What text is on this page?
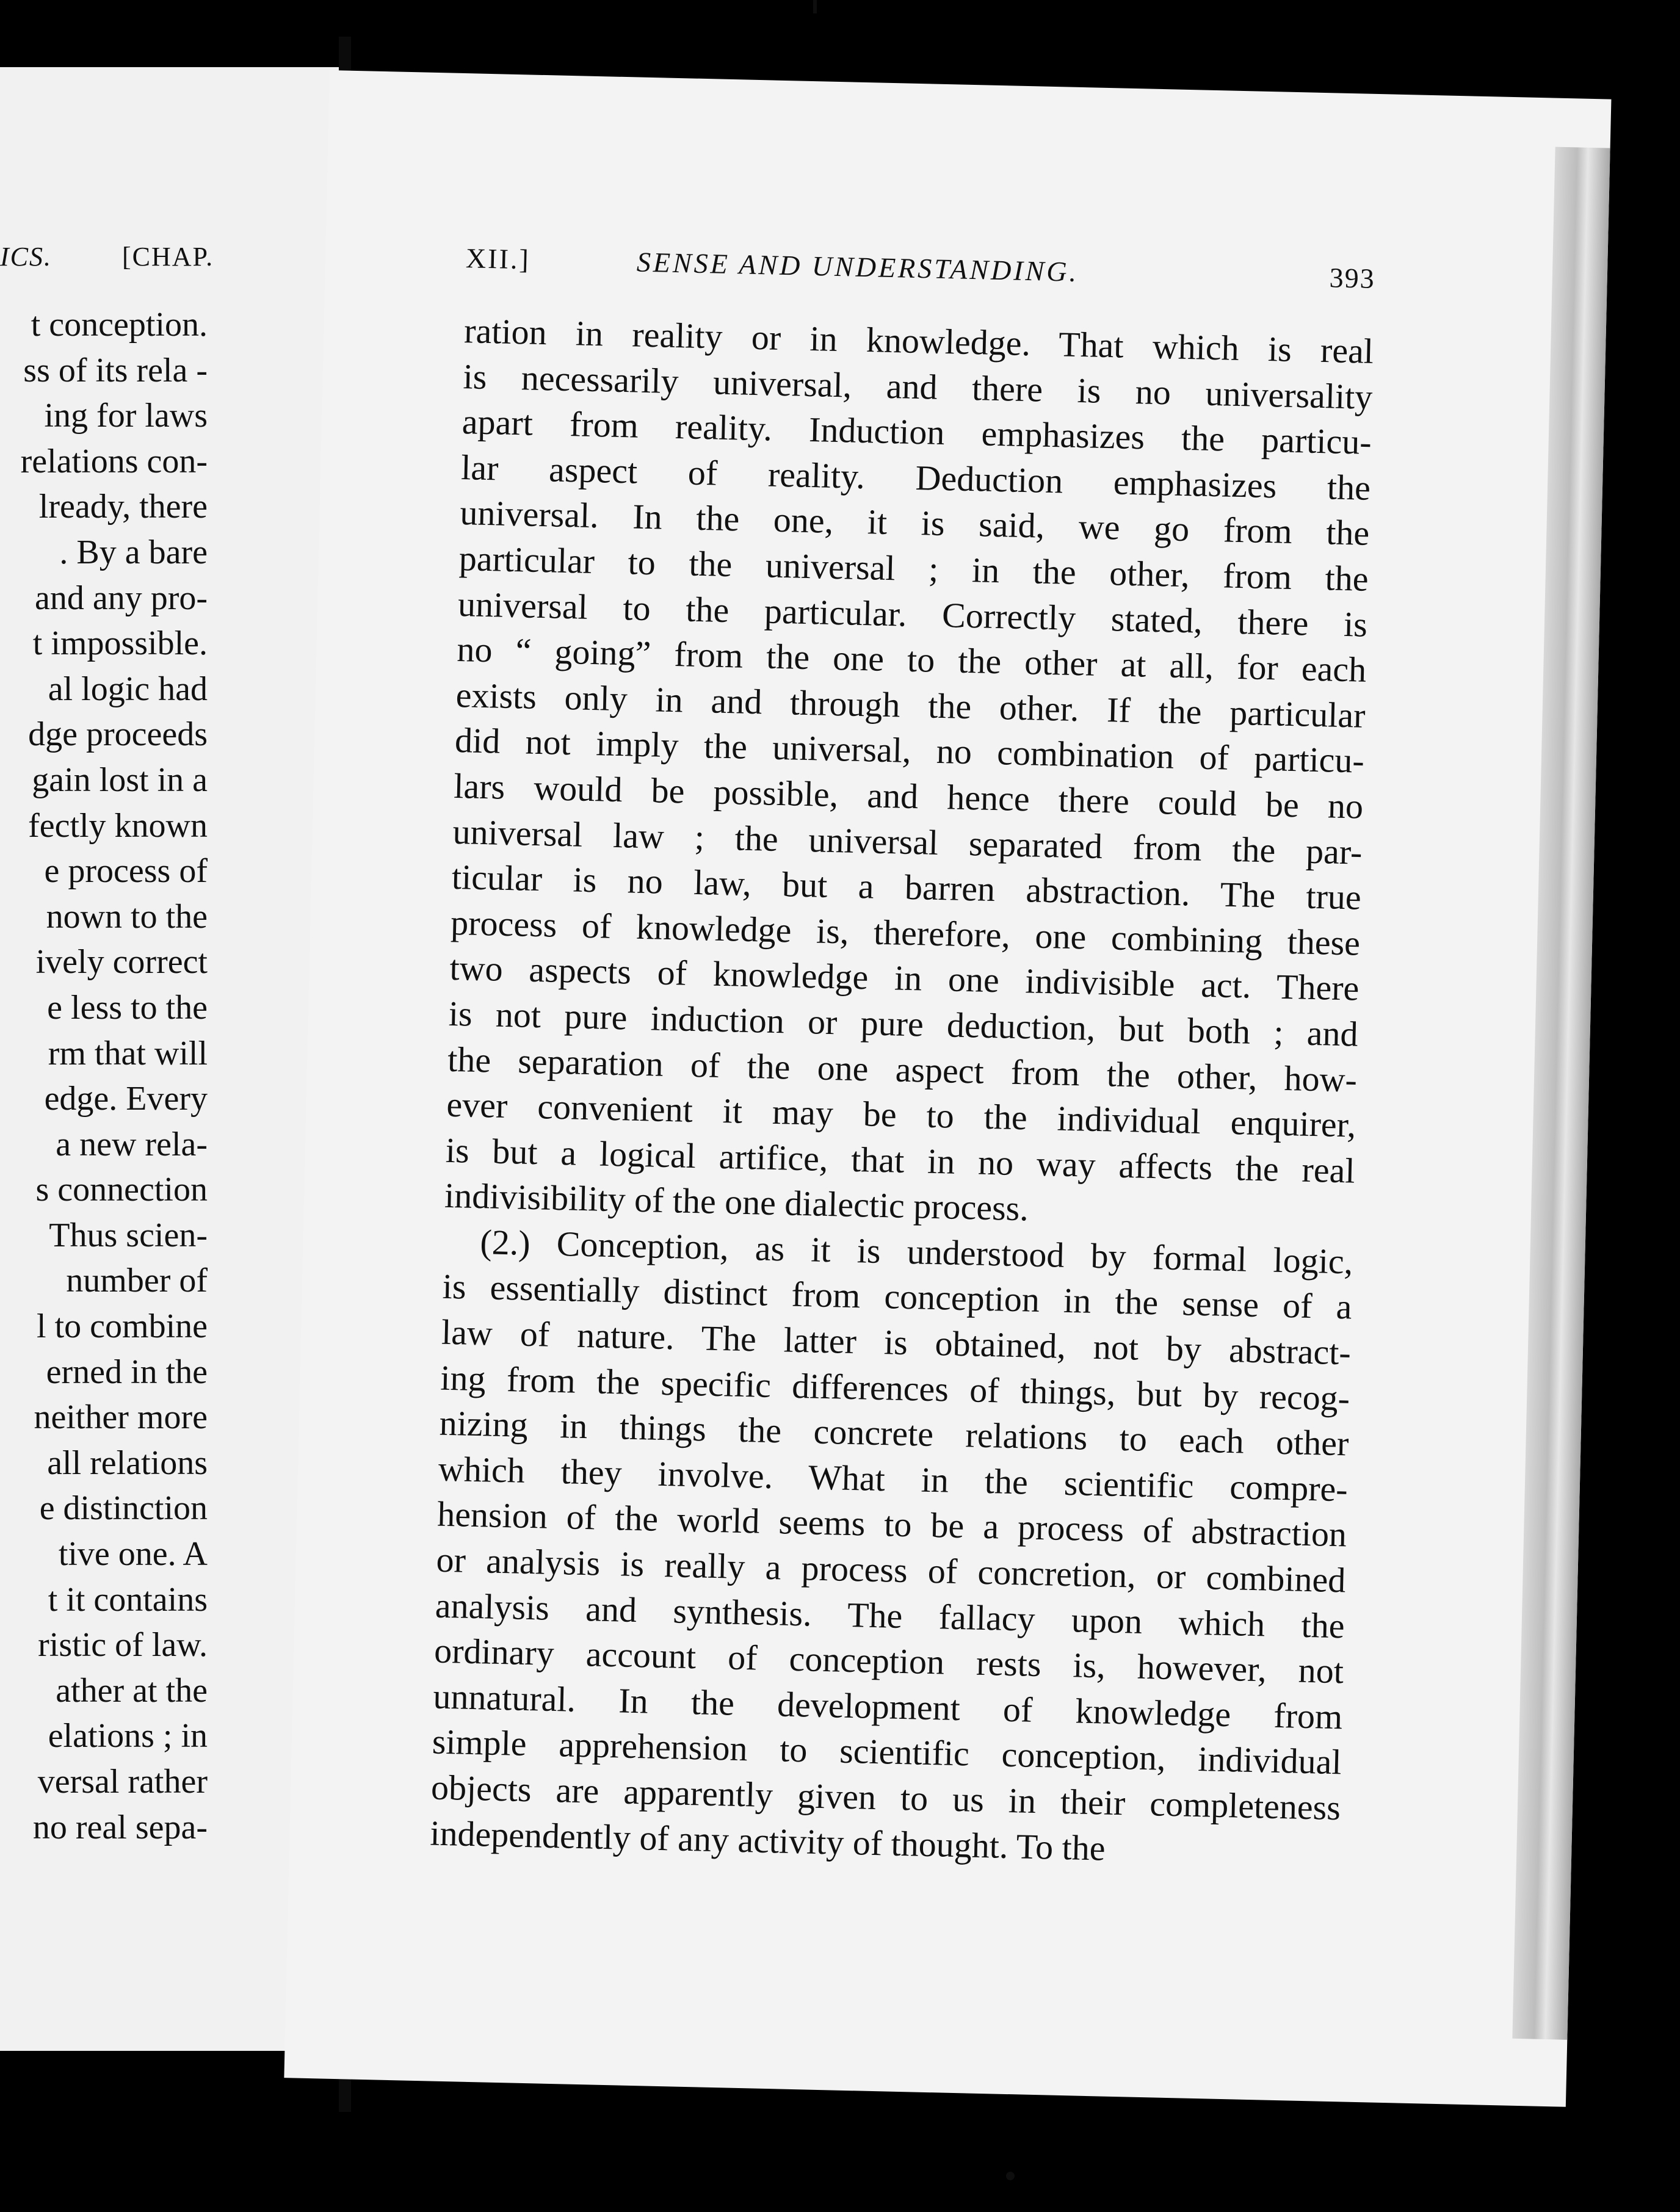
ICS.	[CHAP.
t conception.
ss of its rela -
ing for laws
relations con-
lready, there
. By a bare
and any pro-
t impossible.
al logic had
dge proceeds
gain lost in a
fectly known
e process of
nown to the
ively correct
e less to the
rm that will
edge. Every
a new rela-
s connection
Thus scien-
number of
l to combine
erned in the
neither more
all relations
e distinction
tive one. A
t it contains
ristic of law.
ather at the
elations ; in
versal rather
no real sepa-
XII.]	SENSE AND UNDERSTANDING.	393
ration in reality or in knowledge. That which is real
is necessarily universal, and there is no universality
apart from reality. Induction emphasizes the particu-
lar aspect of reality. Deduction emphasizes the
universal. In the one, it is said, we go from the
particular to the universal ; in the other, from the
universal to the particular. Correctly stated, there is
no “ going” from the one to the other at all, for each
exists only in and through the other. If the particular
did not imply the universal, no combination of particu-
lars would be possible, and hence there could be no
universal law ; the universal separated from the par-
ticular is no law, but a barren abstraction. The true
process of knowledge is, therefore, one combining these
two aspects of knowledge in one indivisible act. There
is not pure induction or pure deduction, but both ; and
the separation of the one aspect from the other, how-
ever convenient it may be to the individual enquirer,
is but a logical artifice, that in no way affects the real
indivisibility of the one dialectic process.
(2.) Conception, as it is understood by formal logic,
is essentially distinct from conception in the sense of a
law of nature. The latter is obtained, not by abstract-
ing from the specific differences of things, but by recog-
nizing in things the concrete relations to each other
which they involve. What in the scientific compre-
hension of the world seems to be a process of abstraction
or analysis is really a process of concretion, or combined
analysis and synthesis. The fallacy upon which the
ordinary account of conception rests is, however, not
unnatural. In the development of knowledge from
simple apprehension to scientific conception, individual
objects are apparently given to us in their completeness
independently of any activity of thought. To the
